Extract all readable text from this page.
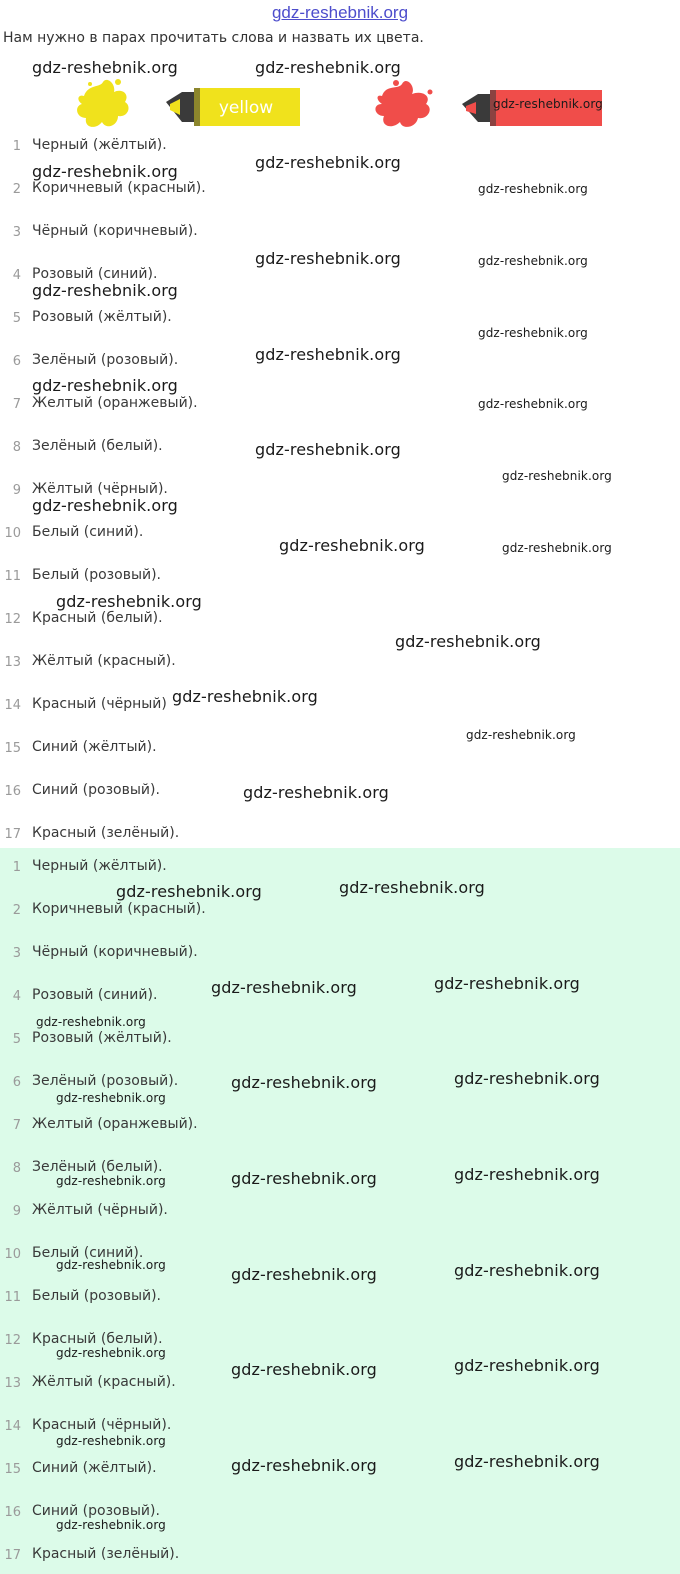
gdz-reshebnik.org
Нам нужно в парах прочитать слова и назвать их цвета.
yellow
1 Черный (жёлтый).
2 Коричневый (красный).
3 Чёрный (коричневый).
4 Розовый (синий).
5 Розовый (жёлтый).
6 Зелёный (розовый).
7 Желтый (оранжевый).
8 Зелёный (белый).
9 Жёлтый (чёрный).
10 Белый (синий).
11 Белый (розовый).
12 Красный (белый).
13 Жёлтый (красный).
14 Красный (чёрный)
15 Синий (жёлтый).
16 Синий (розовый).
17 Красный (зелёный).
1 Черный (жёлтый).
2 Коричневый (красный).
3 Чёрный (коричневый).
4 Розовый (синий).
5 Розовый (жёлтый).
6 Зелёный (розовый).
7 Желтый (оранжевый).
8 Зелёный (белый).
9 Жёлтый (чёрный).
10 Белый (синий).
11 Белый (розовый).
12 Красный (белый).
13 Жёлтый (красный).
14 Красный (чёрный).
15 Синий (жёлтый).
16 Синий (розовый).
17 Красный (зелёный).
gdz-reshebnik.org	gdz-reshebnik.org
gdz-reshebnik.org
gdz-reshebnik.org	gdz-reshebnik.org
gdz-reshebnik.org
gdz-reshebnik.org	gdz-reshebnik.org
gdz-reshebnik.org
gdz-reshebnik.org
gdz-reshebnik.org
gdz-reshebnik.org
gdz-reshebnik.org
gdz-reshebnik.org
gdz-reshebnik.org
gdz-reshebnik.org
gdz-reshebnik.org	gdz-reshebnik.org
gdz-reshebnik.org
gdz-reshebnik.org
gdz-reshebnik.org
gdz-reshebnik.org
gdz-reshebnik.org
gdz-reshebnik.org
gdz-reshebnik.org
gdz-reshebnik.org
gdz-reshebnik.org
gdz-reshebnik.org
gdz-reshebnik.org
gdz-reshebnik.org
gdz-reshebnik.org
gdz-reshebnik.org
gdz-reshebnik.org
gdz-reshebnik.org
gdz-reshebnik.org
gdz-reshebnik.org
gdz-reshebnik.org
gdz-reshebnik.org
gdz-reshebnik.org
gdz-reshebnik.org
gdz-reshebnik.org
gdz-reshebnik.org
gdz-reshebnik.org
gdz-reshebnik.org
